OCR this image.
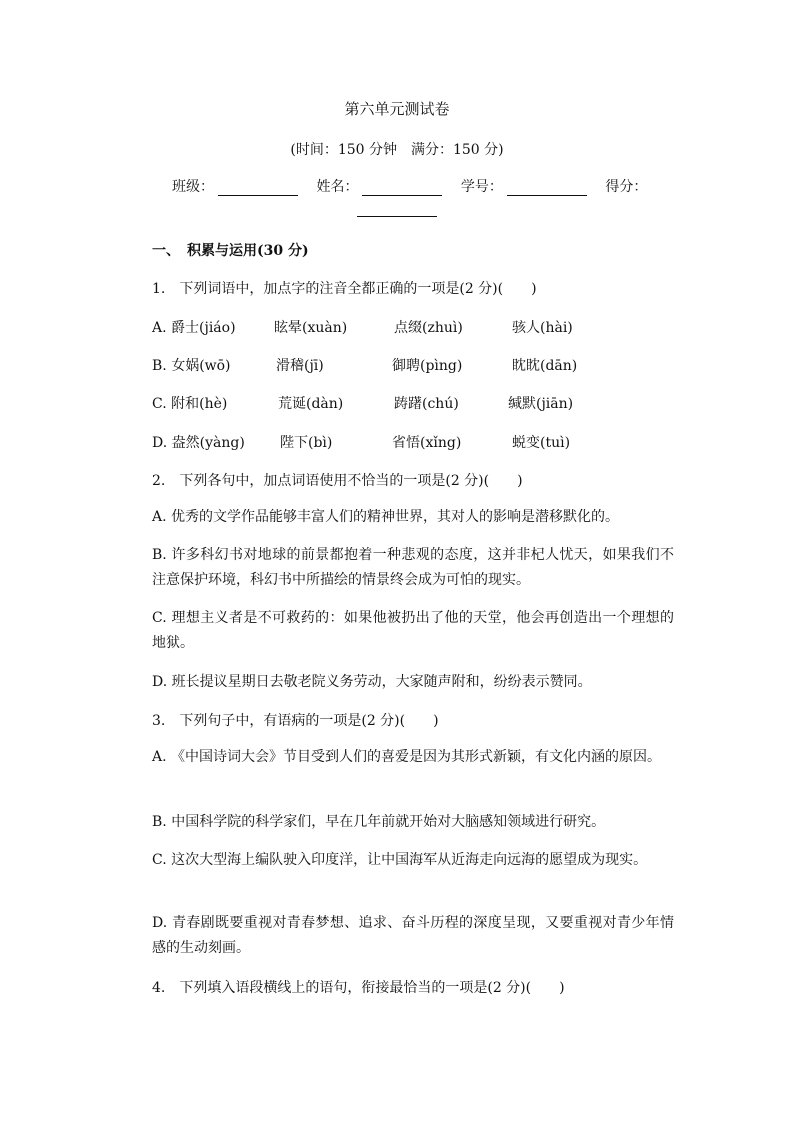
第六单元测试卷
(时间：150 分钟　满分：150 分)
班级：	姓名：	学号：	得分：
一、　积累与运用(30 分)
1.　下列词语中，加点字的注音全都正确的一项是(2 分)(　　)
A. 爵士(jiáo)	眩晕(xuàn)	点缀(zhuì)	骇人(hài)
B. 女娲(wō)	滑稽(jī)	御聘(pìng)	眈眈(dān)
C. 附和(hè)	荒诞(dàn)	踌躇(chú)	缄默(jiān)
D. 盎然(yàng)	陛下(bì)	省悟(xǐng)	蜕变(tuì)
2.　下列各句中，加点词语使用不恰当的一项是(2 分)(　　)
A. 优秀的文学作品能够丰富人们的精神世界，其对人的影响是潜移默化的。
B. 许多科幻书对地球的前景都抱着一种悲观的态度，这并非杞人忧天，如果我们不注意保护环境，科幻书中所描绘的情景终会成为可怕的现实。
C. 理想主义者是不可救药的：如果他被扔出了他的天堂，他会再创造出一个理想的地狱。
D. 班长提议星期日去敬老院义务劳动，大家随声附和，纷纷表示赞同。
3.　下列句子中，有语病的一项是(2 分)(　　)
A. 《中国诗词大会》节目受到人们的喜爱是因为其形式新颖，有文化内涵的原因。
B. 中国科学院的科学家们，早在几年前就开始对大脑感知领域进行研究。
C. 这次大型海上编队驶入印度洋，让中国海军从近海走向远海的愿望成为现实。
D. 青春剧既要重视对青春梦想、追求、奋斗历程的深度呈现，又要重视对青少年情感的生动刻画。
4.　下列填入语段横线上的语句，衔接最恰当的一项是(2 分)(　　)
